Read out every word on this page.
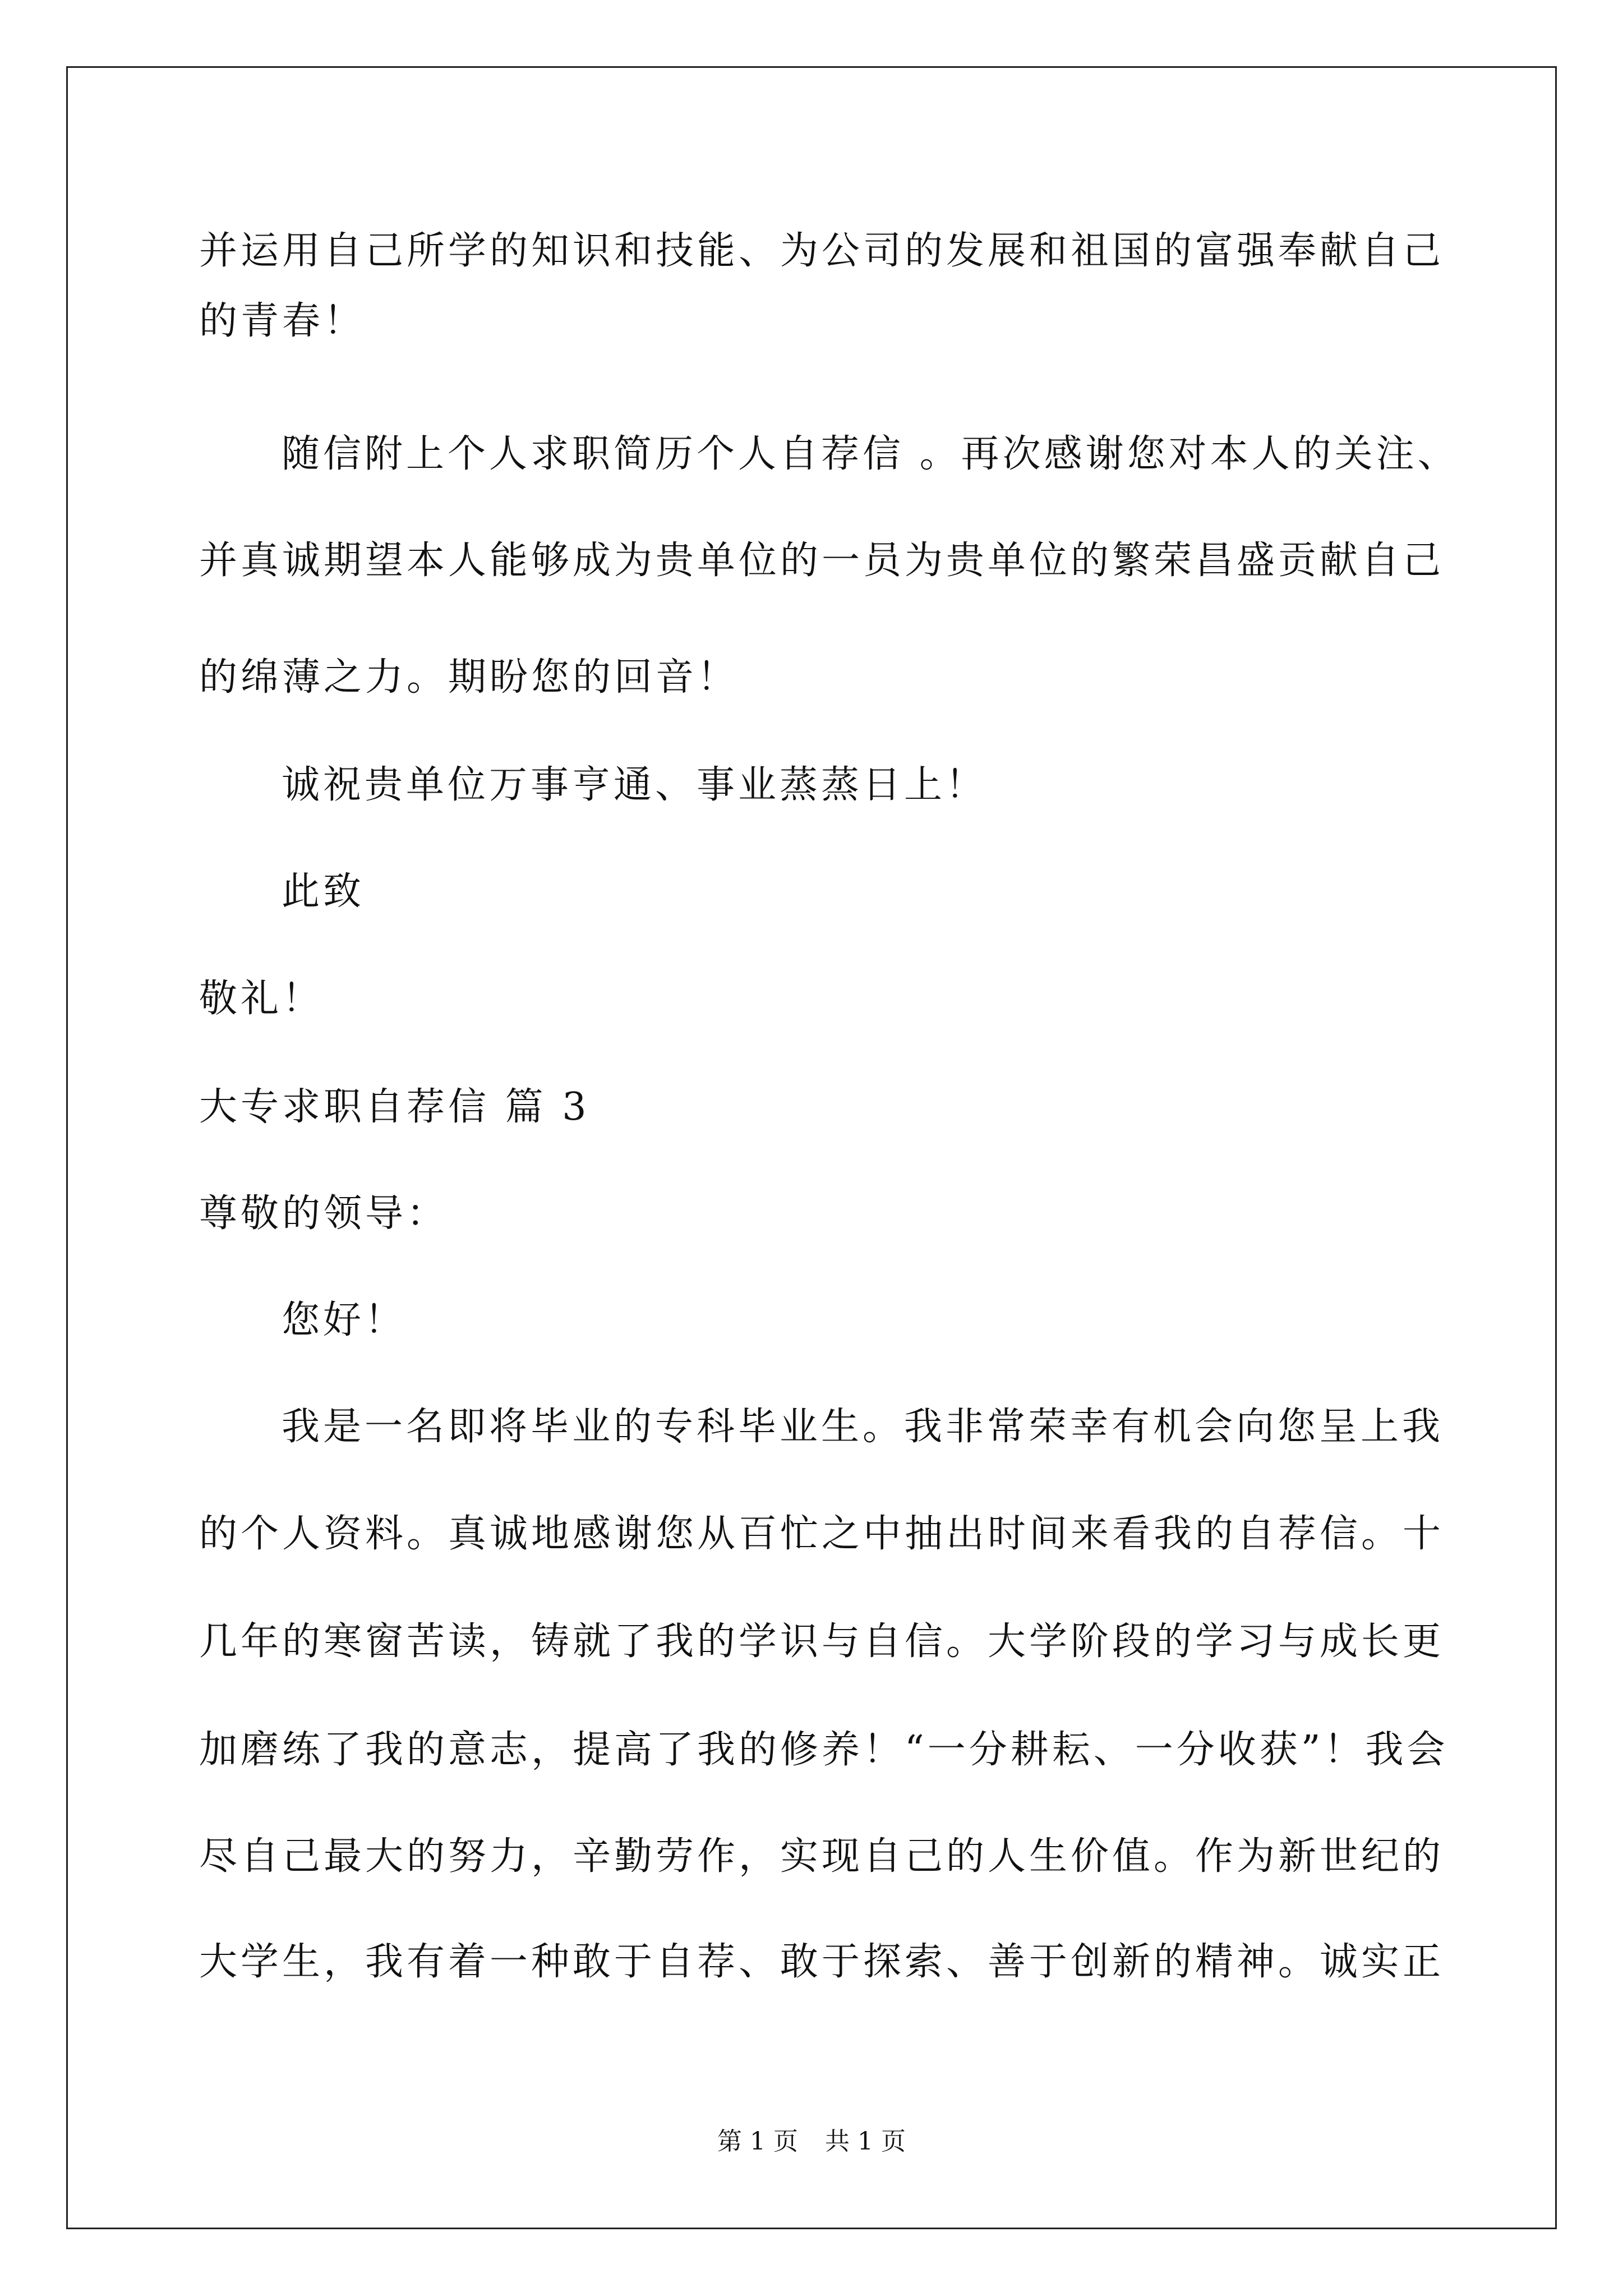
并运用自己所学的知识和技能、为公司的发展和祖国的富强奉献自己
的青春！
随信附上个人求职简历个人自荐信 。再次感谢您对本人的关注、
并真诚期望本人能够成为贵单位的一员为贵单位的繁荣昌盛贡献自己
的绵薄之力。期盼您的回音！
诚祝贵单位万事亨通、事业蒸蒸日上！
此致
敬礼！
大专求职自荐信 篇 3
尊敬的领导：
您好！
我是一名即将毕业的专科毕业生。我非常荣幸有机会向您呈上我
的个人资料。真诚地感谢您从百忙之中抽出时间来看我的自荐信。十
几年的寒窗苦读，铸就了我的学识与自信。大学阶段的学习与成长更
加磨练了我的意志，提高了我的修养！“一分耕耘、一分收获”！我会
尽自己最大的努力，辛勤劳作，实现自己的人生价值。作为新世纪的
大学生，我有着一种敢于自荐、敢于探索、善于创新的精神。诚实正
第 1 页 共 1 页
